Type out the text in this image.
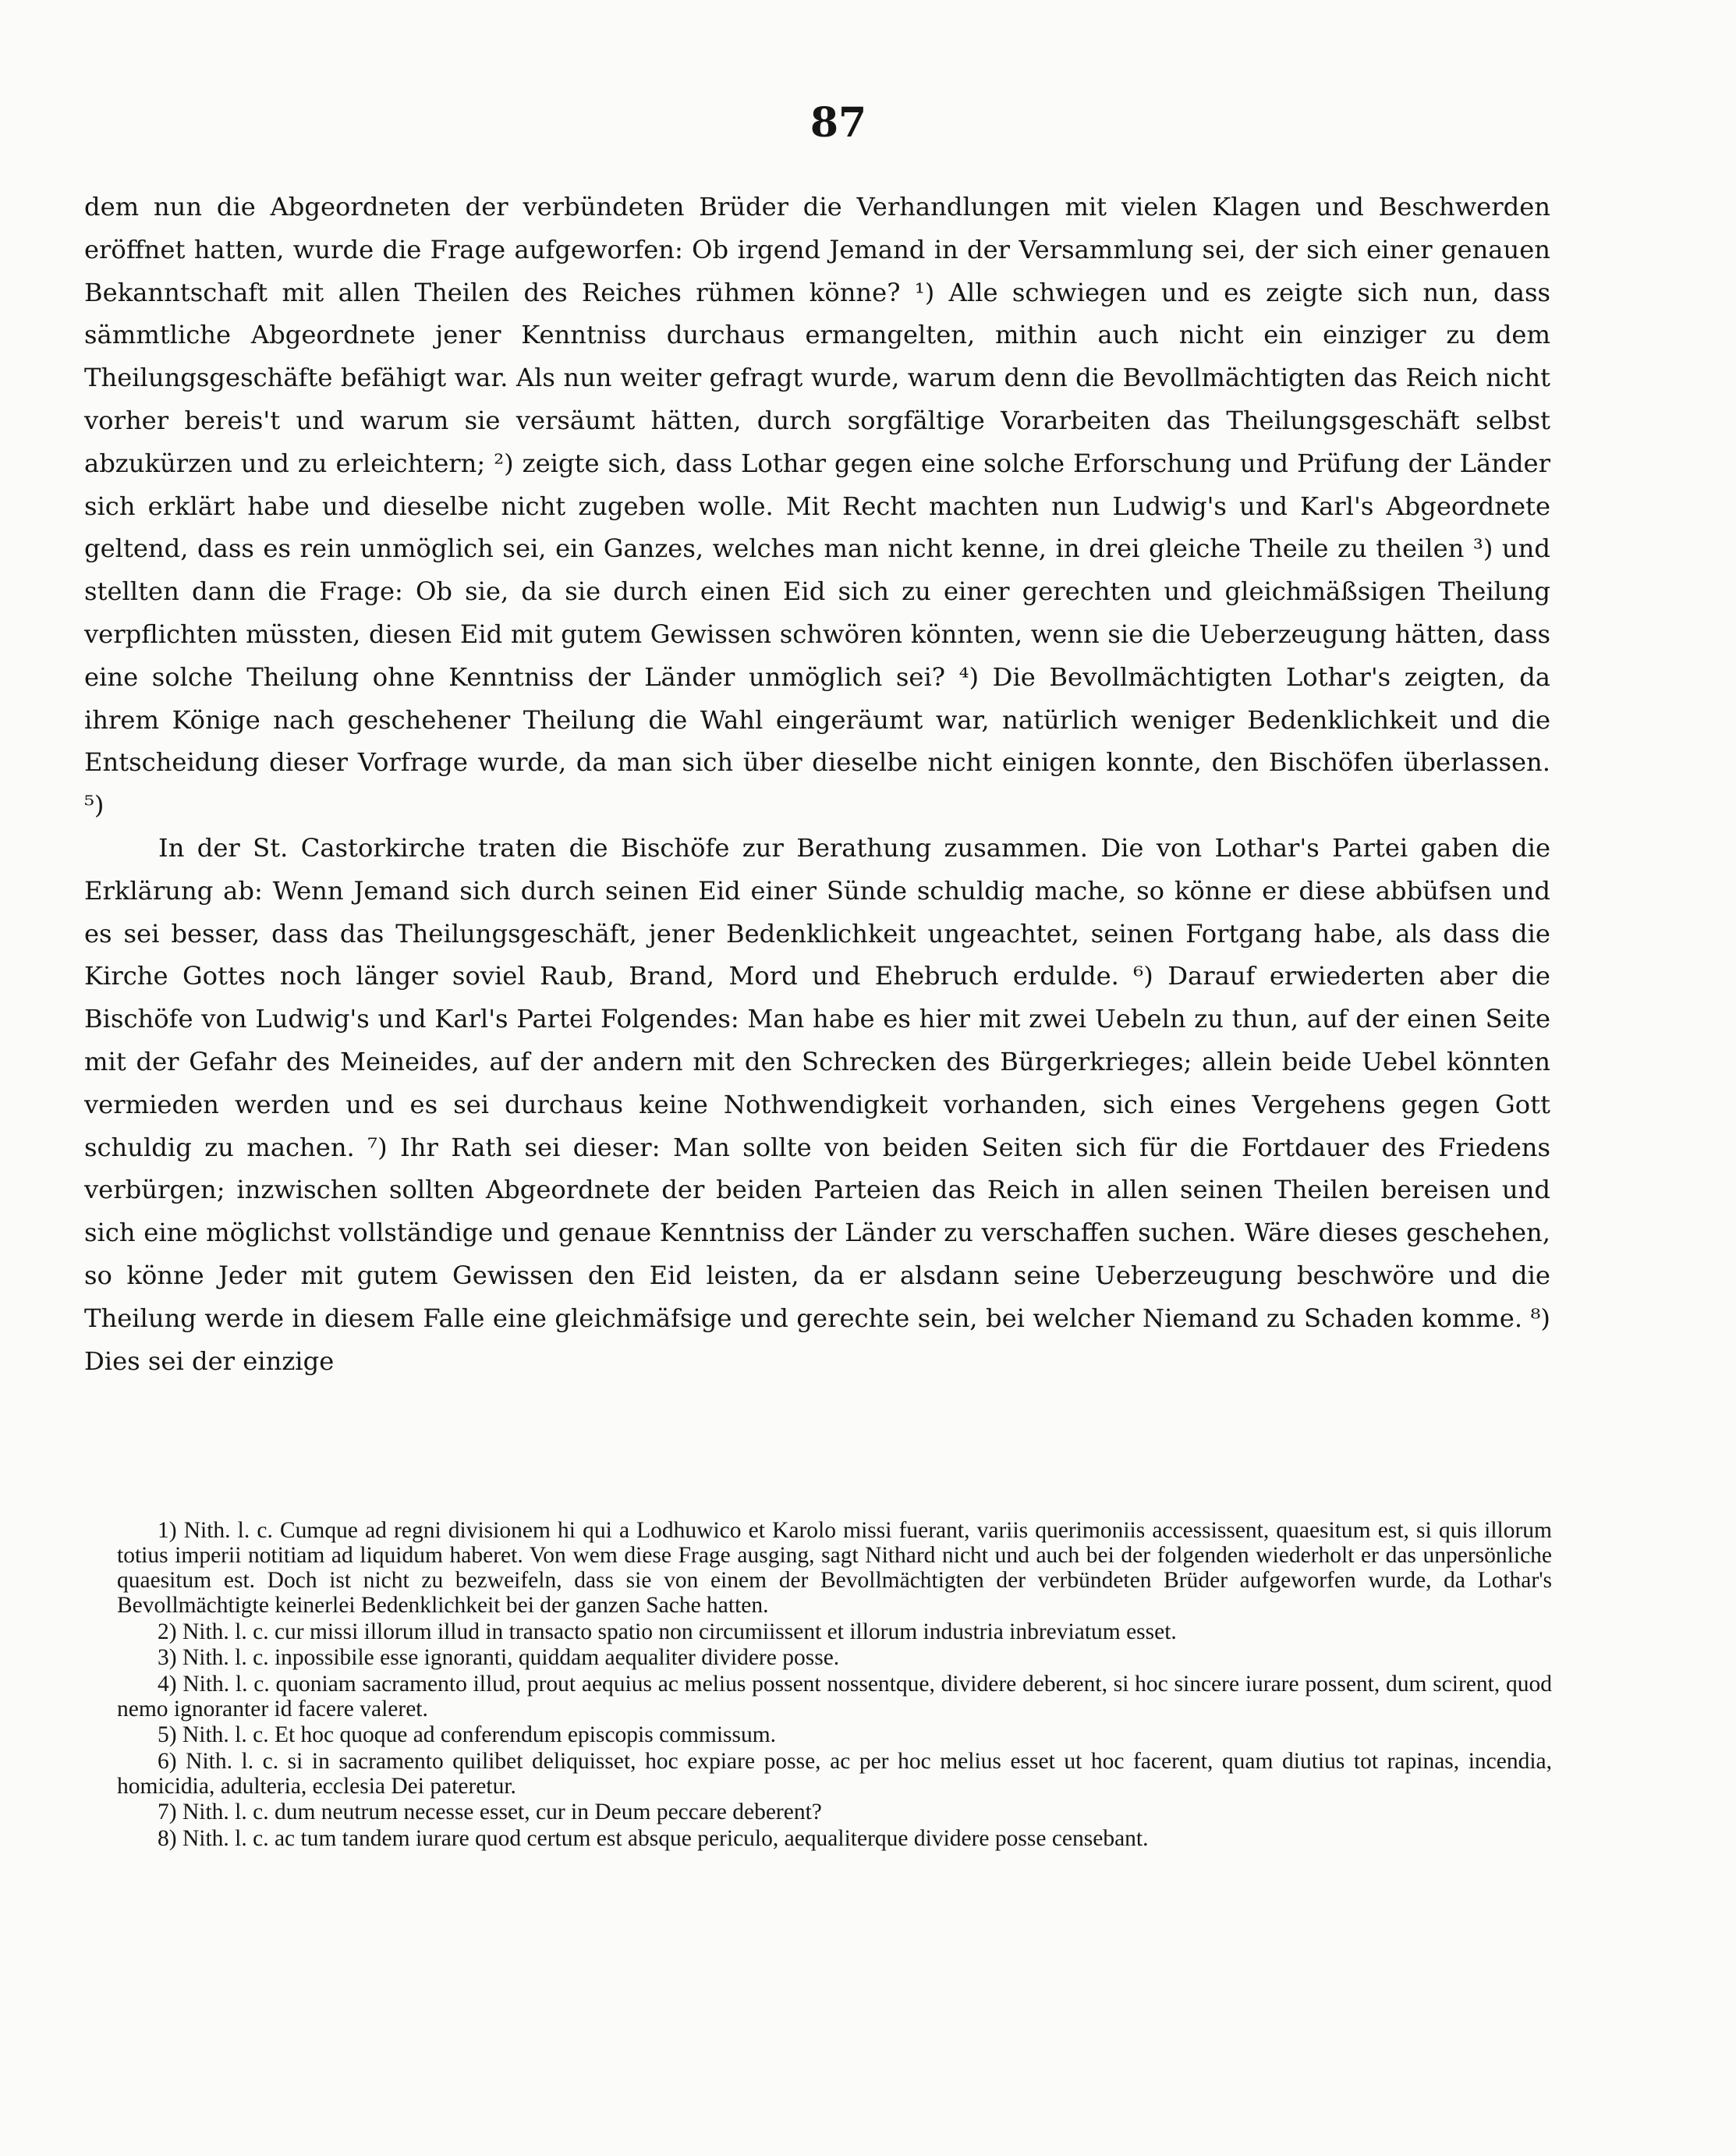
87

dem nun die Abgeordneten der verbündeten Brüder die Verhandlungen mit vielen Klagen und Beschwerden eröffnet hatten, wurde die Frage aufgeworfen: Ob irgend Jemand in der Versammlung sei, der sich einer genauen Bekanntschaft mit allen Theilen des Reiches rühmen könne? ¹) Alle schwiegen und es zeigte sich nun, dass sämmtliche Abgeordnete jener Kenntniss durchaus ermangelten, mithin auch nicht ein einziger zu dem Theilungsgeschäfte befähigt war. Als nun weiter gefragt wurde, warum denn die Bevollmächtigten das Reich nicht vorher bereis't und warum sie versäumt hätten, durch sorgfältige Vorarbeiten das Theilungsgeschäft selbst abzukürzen und zu erleichtern; ²) zeigte sich, dass Lothar gegen eine solche Erforschung und Prüfung der Länder sich erklärt habe und dieselbe nicht zugeben wolle. Mit Recht machten nun Ludwig's und Karl's Abgeordnete geltend, dass es rein unmöglich sei, ein Ganzes, welches man nicht kenne, in drei gleiche Theile zu theilen ³) und stellten dann die Frage: Ob sie, da sie durch einen Eid sich zu einer gerechten und gleichmäßsigen Theilung verpflichten müssten, diesen Eid mit gutem Gewissen schwören könnten, wenn sie die Ueberzeugung hätten, dass eine solche Theilung ohne Kenntniss der Länder unmöglich sei? ⁴) Die Bevollmächtigten Lothar's zeigten, da ihrem Könige nach geschehener Theilung die Wahl eingeräumt war, natürlich weniger Bedenklichkeit und die Entscheidung dieser Vorfrage wurde, da man sich über dieselbe nicht einigen konnte, den Bischöfen überlassen. ⁵)

In der St. Castorkirche traten die Bischöfe zur Berathung zusammen. Die von Lothar's Partei gaben die Erklärung ab: Wenn Jemand sich durch seinen Eid einer Sünde schuldig mache, so könne er diese abbüfsen und es sei besser, dass das Theilungsgeschäft, jener Bedenklichkeit ungeachtet, seinen Fortgang habe, als dass die Kirche Gottes noch länger soviel Raub, Brand, Mord und Ehebruch erdulde. ⁶) Darauf erwiederten aber die Bischöfe von Ludwig's und Karl's Partei Folgendes: Man habe es hier mit zwei Uebeln zu thun, auf der einen Seite mit der Gefahr des Meineides, auf der andern mit den Schrecken des Bürgerkrieges; allein beide Uebel könnten vermieden werden und es sei durchaus keine Nothwendigkeit vorhanden, sich eines Vergehens gegen Gott schuldig zu machen. ⁷) Ihr Rath sei dieser: Man sollte von beiden Seiten sich für die Fortdauer des Friedens verbürgen; inzwischen sollten Abgeordnete der beiden Parteien das Reich in allen seinen Theilen bereisen und sich eine möglichst vollständige und genaue Kenntniss der Länder zu verschaffen suchen. Wäre dieses geschehen, so könne Jeder mit gutem Gewissen den Eid leisten, da er alsdann seine Ueberzeugung beschwöre und die Theilung werde in diesem Falle eine gleichmäfsige und gerechte sein, bei welcher Niemand zu Schaden komme. ⁸) Dies sei der einzige

1) Nith. l. c. Cumque ad regni divisionem hi qui a Lodhuwico et Karolo missi fuerant, variis querimoniis accessissent, quaesitum est, si quis illorum totius imperii notitiam ad liquidum haberet. Von wem diese Frage ausging, sagt Nithard nicht und auch bei der folgenden wiederholt er das unpersönliche quaesitum est. Doch ist nicht zu bezweifeln, dass sie von einem der Bevollmächtigten der verbündeten Brüder aufgeworfen wurde, da Lothar's Bevollmächtigte keinerlei Bedenklichkeit bei der ganzen Sache hatten.

2) Nith. l. c. cur missi illorum illud in transacto spatio non circumiissent et illorum industria inbreviatum esset.

3) Nith. l. c. inpossibile esse ignoranti, quiddam aequaliter dividere posse.

4) Nith. l. c. quoniam sacramento illud, prout aequius ac melius possent nossentque, dividere deberent, si hoc sincere iurare possent, dum scirent, quod nemo ignoranter id facere valeret.

5) Nith. l. c. Et hoc quoque ad conferendum episcopis commissum.

6) Nith. l. c. si in sacramento quilibet deliquisset, hoc expiare posse, ac per hoc melius esset ut hoc facerent, quam diutius tot rapinas, incendia, homicidia, adulteria, ecclesia Dei pateretur.

7) Nith. l. c. dum neutrum necesse esset, cur in Deum peccare deberent?

8) Nith. l. c. ac tum tandem iurare quod certum est absque periculo, aequaliterque dividere posse censebant.
